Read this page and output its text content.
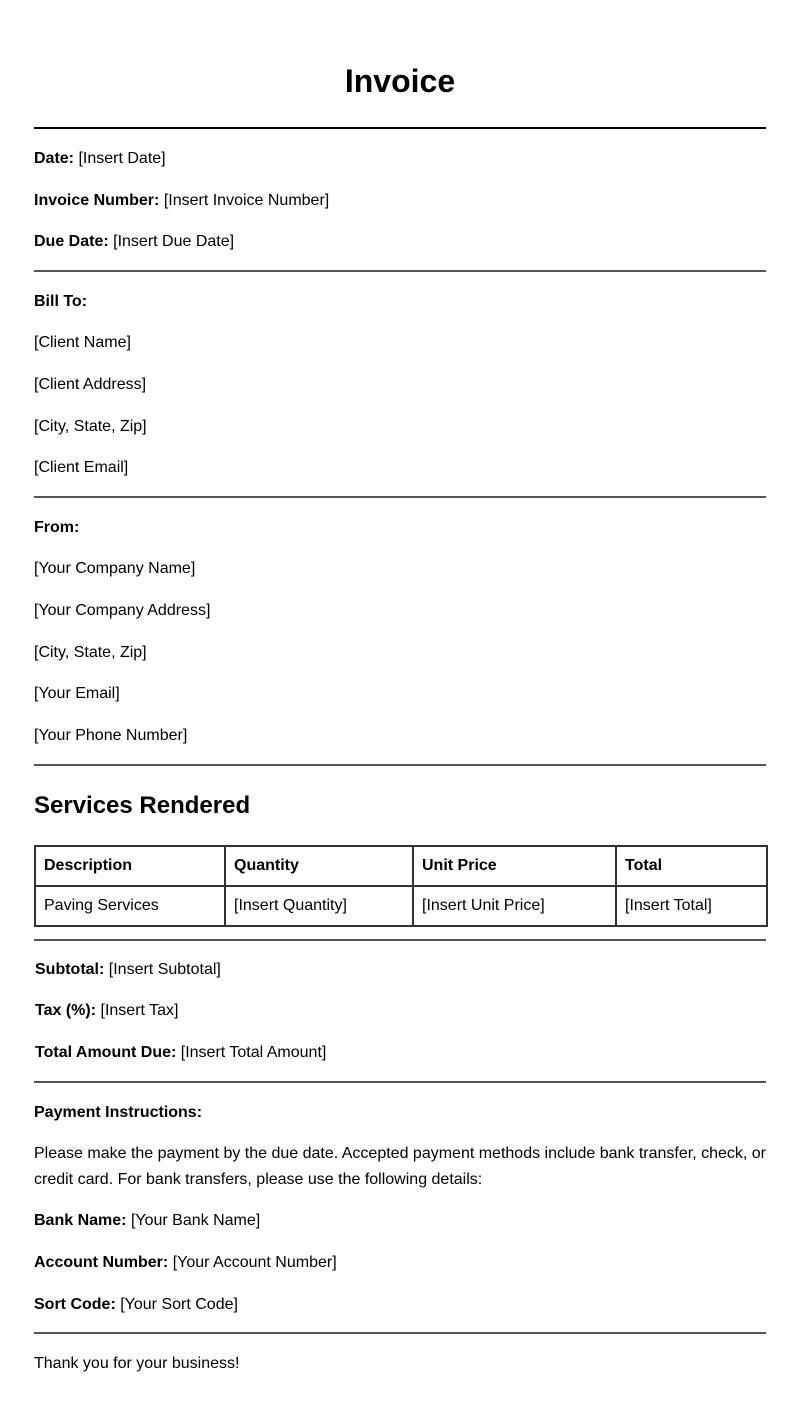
Invoice

Date: [Insert Date]

Invoice Number: [Insert Invoice Number]

Due Date: [Insert Due Date]

Bill To:

[Client Name]

[Client Address]

[City, State, Zip]

[Client Email]

From:

[Your Company Name]

[Your Company Address]

[City, State, Zip]

[Your Email]

[Your Phone Number]

Services Rendered
Description	Quantity	Unit Price	Total
Paving Services	[Insert Quantity]	[Insert Unit Price]	[Insert Total]

Subtotal: [Insert Subtotal]

Tax (%): [Insert Tax]

Total Amount Due: [Insert Total Amount]

Payment Instructions:

Please make the payment by the due date. Accepted payment methods include bank transfer, check, or credit card. For bank transfers, please use the following details:

Bank Name: [Your Bank Name]

Account Number: [Your Account Number]

Sort Code: [Your Sort Code]

Thank you for your business!
